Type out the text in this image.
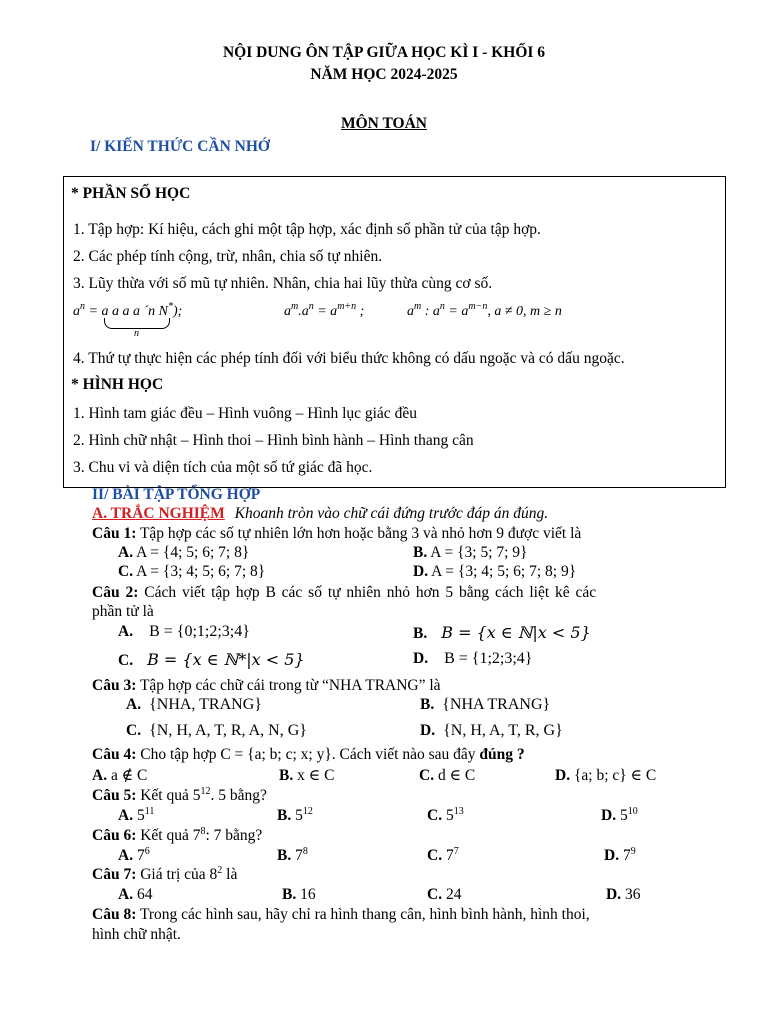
NỘI DUNG ÔN TẬP GIỮA HỌC KÌ I - KHỐI 6
NĂM HỌC 2024-2025
MÔN TOÁN
I/ KIẾN THỨC CẦN NHỚ
* PHẦN SỐ HỌC
1. Tập hợp: Kí hiệu, cách ghi một tập hợp, xác định số phần tử của tập hợp.
2. Các phép tính cộng, trừ, nhân, chia số tự nhiên.
3. Lũy thừa với số mũ tự nhiên. Nhân, chia hai lũy thừa cùng cơ số.
$a^n = a$ a a a ´n N*);
n
$a^m.a^n = a^{m+n}$ ;	$a^m$ : $a^n = a^{m-n}$, a ≠ 0, m ≥ n
4. Thứ tự thực hiện các phép tính đối với biểu thức không có dấu ngoặc và có dấu ngoặc.
* HÌNH HỌC
1. Hình tam giác đều – Hình vuông – Hình lục giác đều
2. Hình chữ nhật – Hình thoi – Hình bình hành – Hình thang cân
3. Chu vi và diện tích của một số tứ giác đã học.
II/ BÀI TẬP TỔNG HỢP
A. TRẮC NGHIỆM Khoanh tròn vào chữ cái đứng trước đáp án đúng.
Câu 1: Tập hợp các số tự nhiên lớn hơn hoặc bằng 3 và nhỏ hơn 9 được viết là
A. A = {4; 5; 6; 7; 8}	B. A = {3; 5; 7; 9}
C. A = {3; 4; 5; 6; 7; 8}	D. A = {3; 4; 5; 6; 7; 8; 9}
Câu 2: Cách viết tập hợp B các số tự nhiên nhỏ hơn 5 bằng cách liệt kê các
phần tử là
A. B = {0;1;2;3;4}	B. B = {x ∈ ℕ|x < 5}
C. B = {x ∈ ℕ*|x < 5}	D. B = {1;2;3;4}
Câu 3: Tập hợp các chữ cái trong từ “NHA TRANG” là
A. {NHA, TRANG}	B. {NHA TRANG}
C. {N, H, A, T, R, A, N, G}	D. {N, H, A, T, R, G}
Câu 4: Cho tập hợp C = {a; b; c; x; y}. Cách viết nào sau đây đúng ?
A. a ∉ C	B. x ∈ C	C. d ∈ C	D. {a; b; c} ∈ C
Câu 5: Kết quả $5^{12}$. 5 bằng?
A. $5^{11}$	B. $5^{12}$	C. $5^{13}$	D. $5^{10}$
Câu 6: Kết quả $7^8$: 7 bằng?
A. $7^6$	B. $7^8$	C. $7^7$	D. $7^9$
Câu 7: Giá trị của $8^2$ là
A. 64	B. 16	C. 24	D. 36
Câu 8: Trong các hình sau, hãy chỉ ra hình thang cân, hình bình hành, hình thoi,
hình chữ nhật.
